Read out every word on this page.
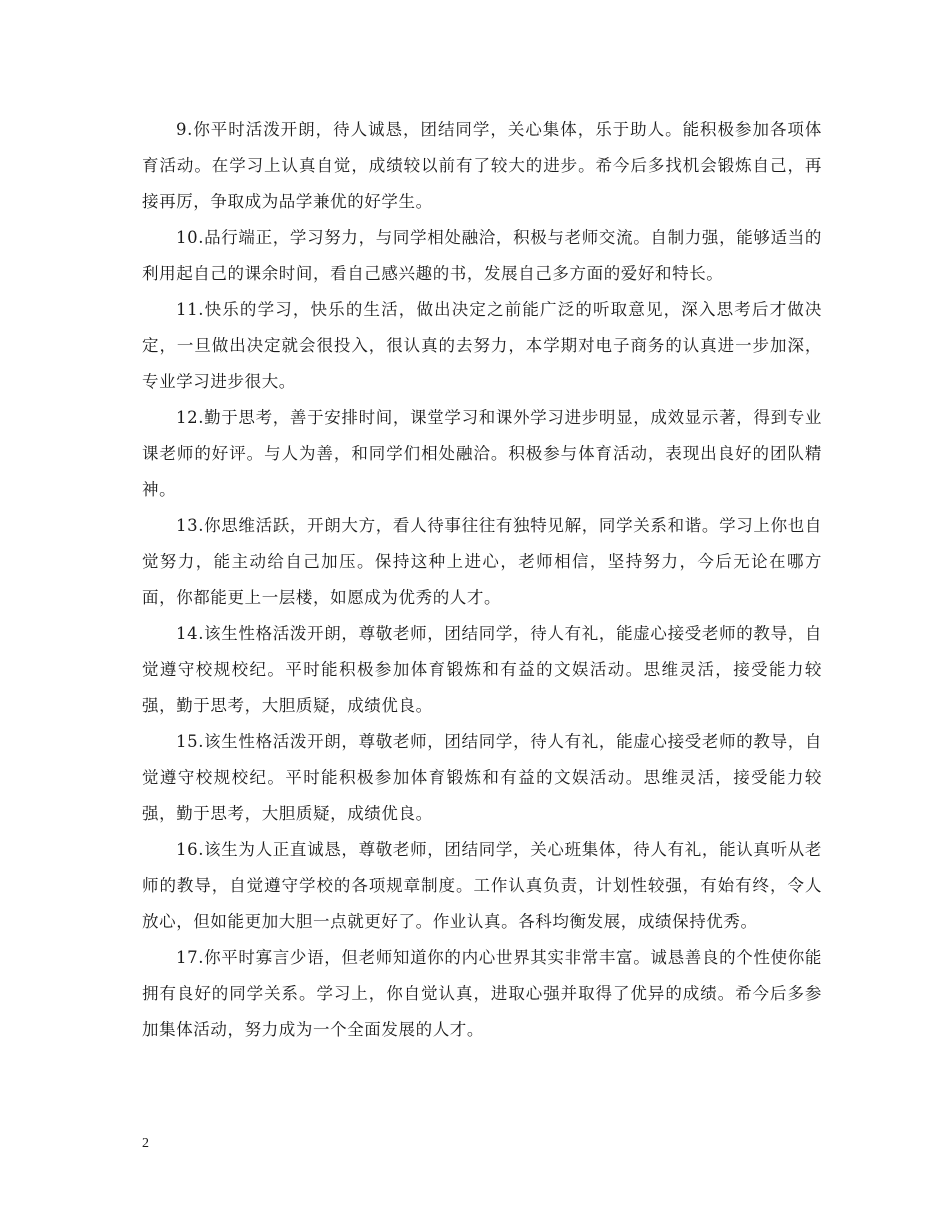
9.你平时活泼开朗，待人诚恳，团结同学，关心集体，乐于助人。能积极参加各项体育活动。在学习上认真自觉，成绩较以前有了较大的进步。希今后多找机会锻炼自己，再接再厉，争取成为品学兼优的好学生。

10.品行端正，学习努力，与同学相处融洽，积极与老师交流。自制力强，能够适当的利用起自己的课余时间，看自己感兴趣的书，发展自己多方面的爱好和特长。

11.快乐的学习，快乐的生活，做出决定之前能广泛的听取意见，深入思考后才做决定，一旦做出决定就会很投入，很认真的去努力，本学期对电子商务的认真进一步加深，专业学习进步很大。

12.勤于思考，善于安排时间，课堂学习和课外学习进步明显，成效显示著，得到专业课老师的好评。与人为善，和同学们相处融洽。积极参与体育活动，表现出良好的团队精神。

13.你思维活跃，开朗大方，看人待事往往有独特见解，同学关系和谐。学习上你也自觉努力，能主动给自己加压。保持这种上进心，老师相信，坚持努力，今后无论在哪方面，你都能更上一层楼，如愿成为优秀的人才。

14.该生性格活泼开朗，尊敬老师，团结同学，待人有礼，能虚心接受老师的教导，自觉遵守校规校纪。平时能积极参加体育锻炼和有益的文娱活动。思维灵活，接受能力较强，勤于思考，大胆质疑，成绩优良。

15.该生性格活泼开朗，尊敬老师，团结同学，待人有礼，能虚心接受老师的教导，自觉遵守校规校纪。平时能积极参加体育锻炼和有益的文娱活动。思维灵活，接受能力较强，勤于思考，大胆质疑，成绩优良。

16.该生为人正直诚恳，尊敬老师，团结同学，关心班集体，待人有礼，能认真听从老师的教导，自觉遵守学校的各项规章制度。工作认真负责，计划性较强，有始有终，令人放心，但如能更加大胆一点就更好了。作业认真。各科均衡发展，成绩保持优秀。

17.你平时寡言少语，但老师知道你的内心世界其实非常丰富。诚恳善良的个性使你能拥有良好的同学关系。学习上，你自觉认真，进取心强并取得了优异的成绩。希今后多参加集体活动，努力成为一个全面发展的人才。

2
